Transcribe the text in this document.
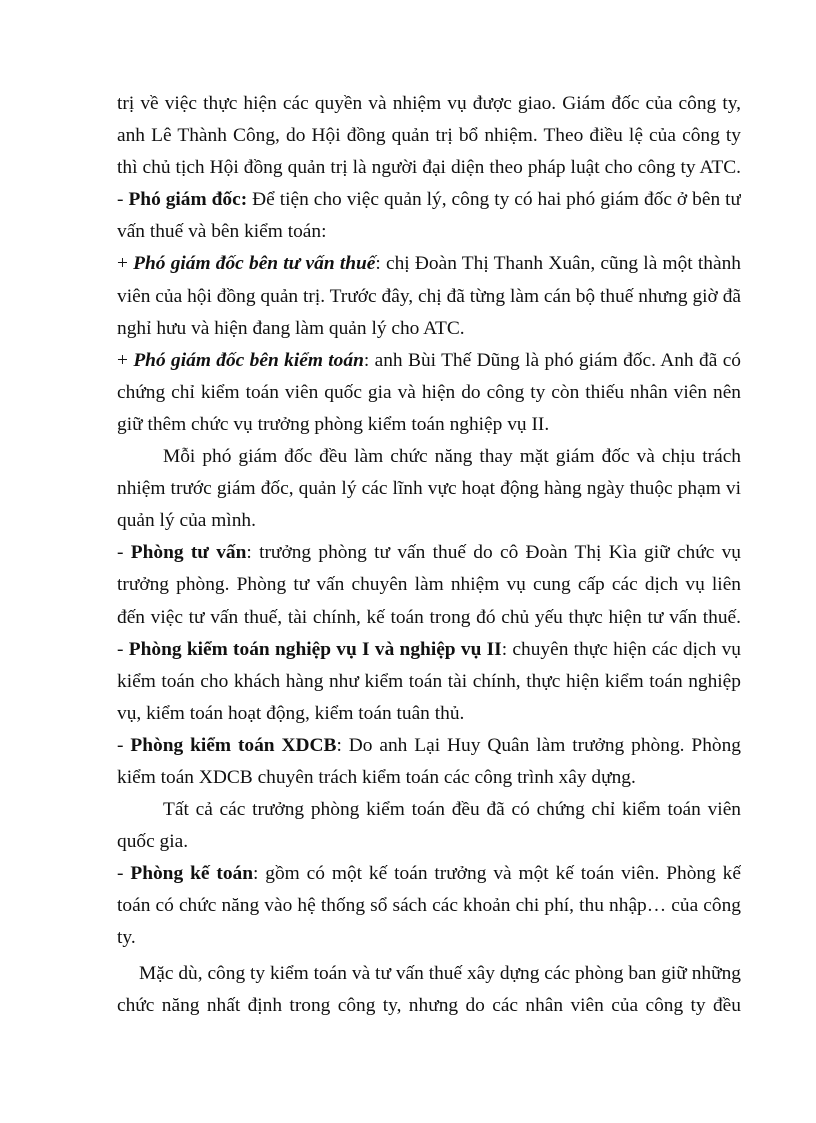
trị về việc thực hiện các quyền và nhiệm vụ được giao. Giám đốc của công ty,
anh Lê Thành Công, do Hội đồng quản trị bổ nhiệm. Theo điều lệ của công ty
thì chủ tịch Hội đồng quản trị là người đại diện theo pháp luật cho công ty ATC.
- Phó giám đốc: Để tiện cho việc quản lý, công ty có hai phó giám đốc ở bên tư
vấn thuế và bên kiểm toán:
+ Phó giám đốc bên tư vấn thuế: chị Đoàn Thị Thanh Xuân, cũng là một thành
viên của hội đồng quản trị. Trước đây, chị đã từng làm cán bộ thuế nhưng giờ đã
nghỉ hưu và hiện đang làm quản lý cho ATC.
+ Phó giám đốc bên kiểm toán: anh Bùi Thế Dũng là phó giám đốc. Anh đã có
chứng chỉ kiểm toán viên quốc gia và hiện do công ty còn thiếu nhân viên nên
giữ thêm chức vụ trưởng phòng kiểm toán nghiệp vụ II.
Mỗi phó giám đốc đều làm chức năng thay mặt giám đốc và chịu trách
nhiệm trước giám đốc, quản lý các lĩnh vực hoạt động hàng ngày thuộc phạm vi
quản lý của mình.
- Phòng tư vấn: trưởng phòng tư vấn thuế do cô Đoàn Thị Kìa giữ chức vụ
trưởng phòng. Phòng tư vấn chuyên làm nhiệm vụ cung cấp các dịch vụ liên
đến việc tư vấn thuế, tài chính, kế toán trong đó chủ yếu thực hiện tư vấn thuế.
- Phòng kiểm toán nghiệp vụ I và nghiệp vụ II: chuyên thực hiện các dịch vụ
kiểm toán cho khách hàng như kiểm toán tài chính, thực hiện kiểm toán nghiệp
vụ, kiểm toán hoạt động, kiểm toán tuân thủ.
- Phòng kiểm toán XDCB: Do anh Lại Huy Quân làm trưởng phòng. Phòng
kiểm toán XDCB chuyên trách kiểm toán các công trình xây dựng.
Tất cả các trưởng phòng kiểm toán đều đã có chứng chỉ kiểm toán viên
quốc gia.
- Phòng kế toán: gồm có một kế toán trưởng và một kế toán viên. Phòng kế
toán có chức năng vào hệ thống sổ sách các khoản chi phí, thu nhập… của công
ty.
Mặc dù, công ty kiểm toán và tư vấn thuế xây dựng các phòng ban giữ những
chức năng nhất định trong công ty, nhưng do các nhân viên của công ty đều
